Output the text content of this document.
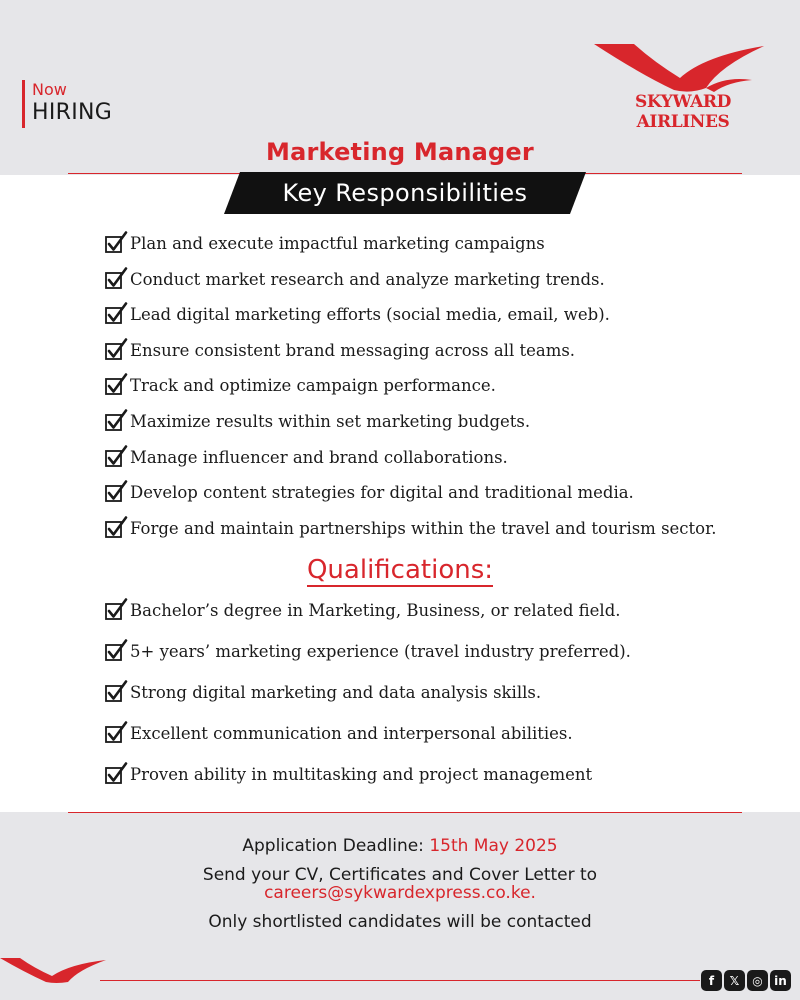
Now
HIRING	SKYWARD AIRLINES
Marketing Manager
Key Responsibilities
Plan and execute impactful marketing campaigns
Conduct market research and analyze marketing trends.
Lead digital marketing efforts (social media, email, web).
Ensure consistent brand messaging across all teams.
Track and optimize campaign performance.
Maximize results within set marketing budgets.
Manage influencer and brand collaborations.
Develop content strategies for digital and traditional media.
Forge and maintain partnerships within the travel and tourism sector.
Qualifications:
Bachelor’s degree in Marketing, Business, or related field.
5+ years’ marketing experience (travel industry preferred).
Strong digital marketing and data analysis skills.
Excellent communication and interpersonal abilities.
Proven ability in multitasking and project management
Application Deadline: 15th May 2025
Send your CV, Certificates and Cover Letter to
careers@sykwardexpress.co.ke.
Only shortlisted candidates will be contacted
f	𝕏	◎ in
